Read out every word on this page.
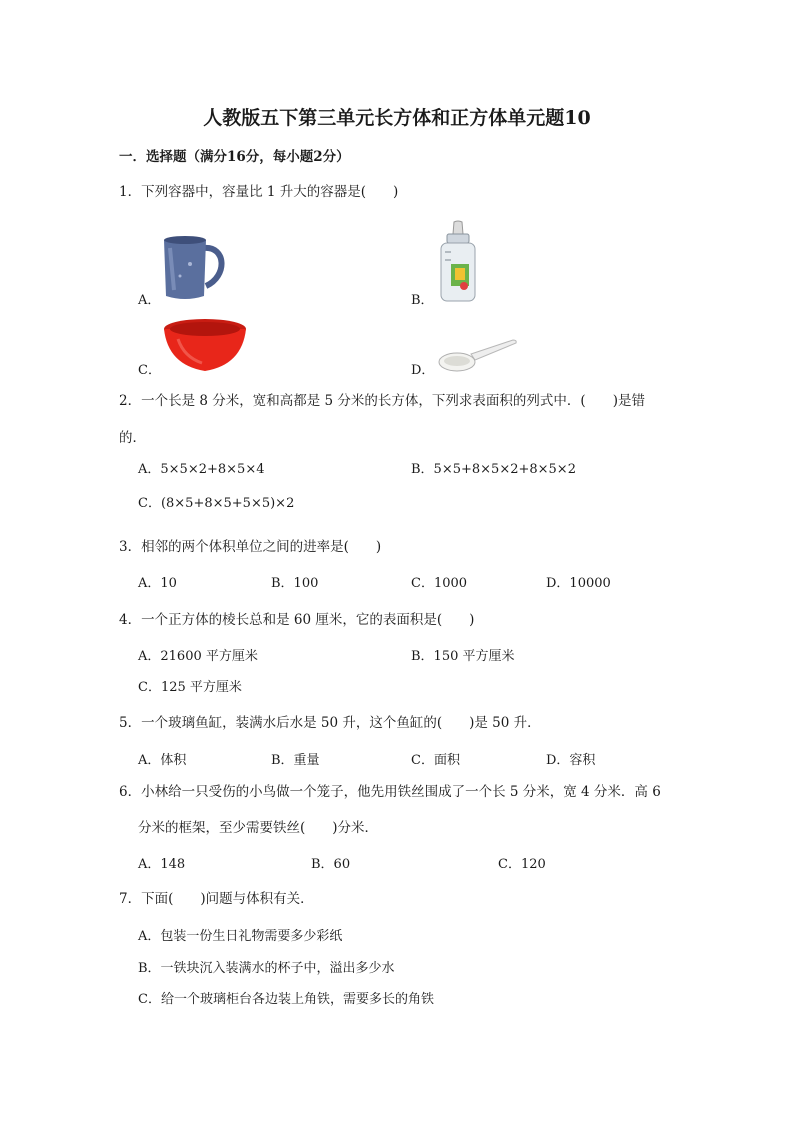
人教版五下第三单元长方体和正方体单元题10
一．选择题（满分16分，每小题2分）
1．下列容器中，容量比 1 升大的容器是(　　)
A．	B．
C．	D．
2．一个长是 8 分米，宽和高都是 5 分米的长方体，下列求表面积的列式中．(　　)是错
的．
A．5×5×2+8×5×4	B．5×5+8×5×2+8×5×2
C．(8×5+8×5+5×5)×2
3．相邻的两个体积单位之间的进率是(　　)
A．10	B．100	C．1000	D．10000
4．一个正方体的棱长总和是 60 厘米，它的表面积是(　　)
A．21600 平方厘米	B．150 平方厘米
C．125 平方厘米
5．一个玻璃鱼缸，装满水后水是 50 升，这个鱼缸的(　　)是 50 升．
A．体积	B．重量	C．面积	D．容积
6．小林给一只受伤的小鸟做一个笼子，他先用铁丝围成了一个长 5 分米，宽 4 分米．高 6
分米的框架，至少需要铁丝(　　)分米．
A．148	B．60	C．120
7．下面(　　)问题与体积有关．
A．包装一份生日礼物需要多少彩纸
B．一铁块沉入装满水的杯子中，溢出多少水
C．给一个玻璃柜台各边装上角铁，需要多长的角铁
